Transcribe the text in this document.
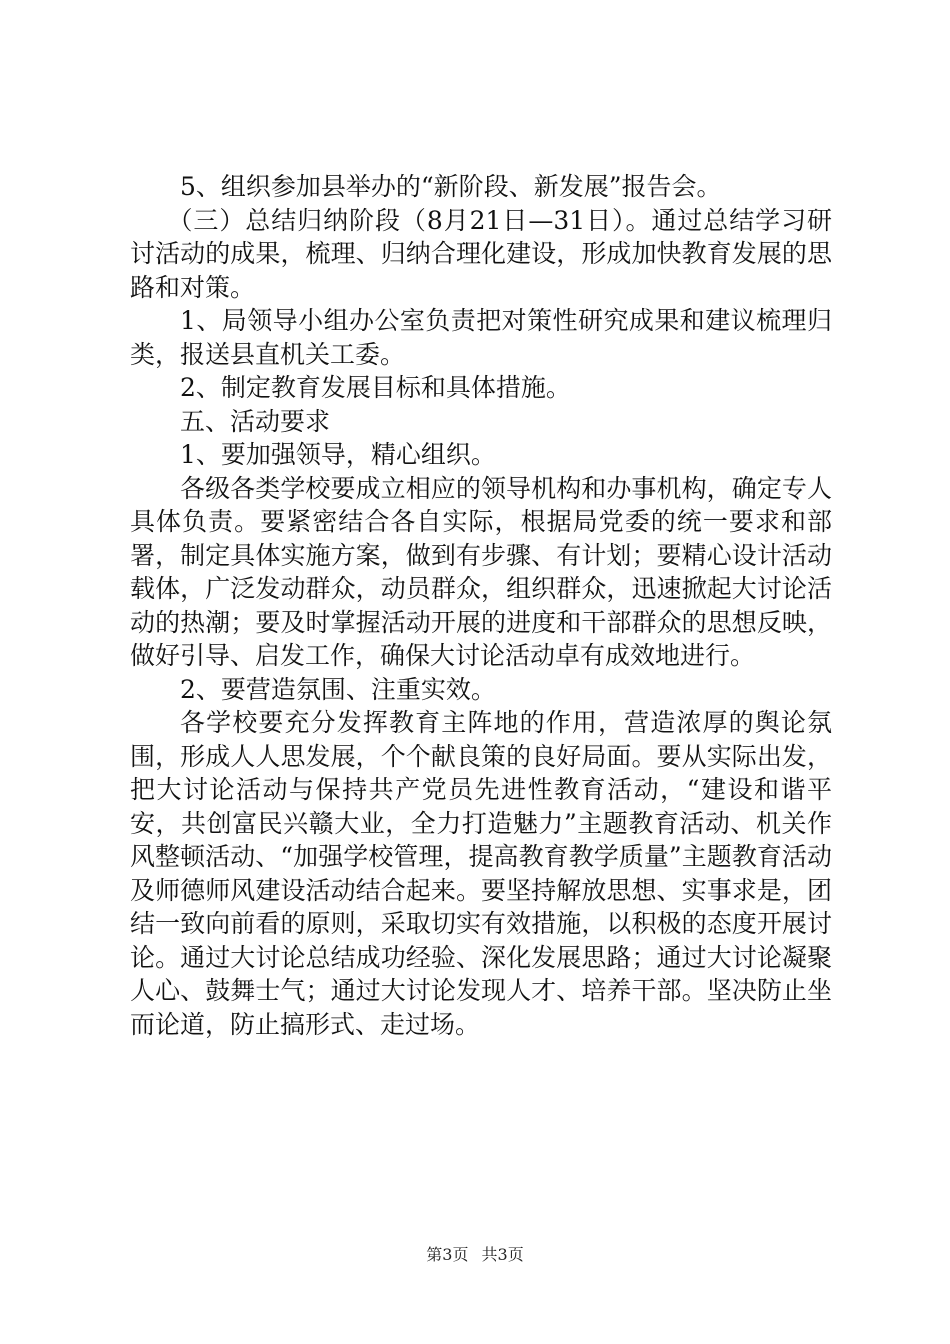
5、组织参加县举办的“新阶段、新发展”报告会。

（三）总结归纳阶段（8月21日—31日）。通过总结学习研讨活动的成果，梳理、归纳合理化建设，形成加快教育发展的思路和对策。

1、局领导小组办公室负责把对策性研究成果和建议梳理归类，报送县直机关工委。

2、制定教育发展目标和具体措施。

五、活动要求

1、要加强领导，精心组织。

各级各类学校要成立相应的领导机构和办事机构，确定专人具体负责。要紧密结合各自实际，根据局党委的统一要求和部署，制定具体实施方案，做到有步骤、有计划；要精心设计活动载体，广泛发动群众，动员群众，组织群众，迅速掀起大讨论活动的热潮；要及时掌握活动开展的进度和干部群众的思想反映，做好引导、启发工作，确保大讨论活动卓有成效地进行。

2、要营造氛围、注重实效。

各学校要充分发挥教育主阵地的作用，营造浓厚的舆论氛围，形成人人思发展，个个献良策的良好局面。要从实际出发，把大讨论活动与保持共产党员先进性教育活动，“建设和谐平安，共创富民兴赣大业，全力打造魅力”主题教育活动、机关作风整顿活动、“加强学校管理，提高教育教学质量”主题教育活动及师德师风建设活动结合起来。要坚持解放思想、实事求是，团结一致向前看的原则，采取切实有效措施，以积极的态度开展讨论。通过大讨论总结成功经验、深化发展思路；通过大讨论凝聚人心、鼓舞士气；通过大讨论发现人才、培养干部。坚决防止坐而论道，防止搞形式、走过场。

第3页 共3页
